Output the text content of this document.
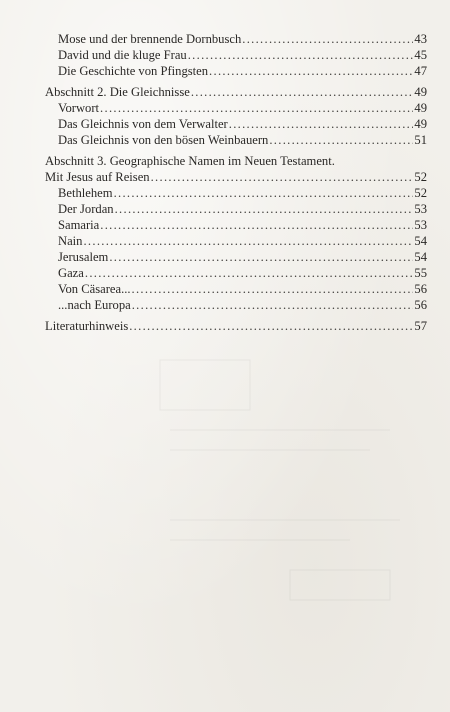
Mose und der brennende Dornbusch .....	43
David und die kluge Frau .....	45
Die Geschichte von Pfingsten .....	47
Abschnitt 2. Die Gleichnisse .....	49
Vorwort .....	49
Das Gleichnis von dem Verwalter .....	49
Das Gleichnis von den bösen Weinbauern .....	51
Abschnitt 3. Geographische Namen im Neuen Testament.
Mit Jesus auf Reisen .....	52
Bethlehem .....	52
Der Jordan .....	53
Samaria .....	53
Nain .....	54
Jerusalem .....	54
Gaza .....	55
Von Cäsarea... .....	56
...nach Europa .....	56
Literaturhinweis .....	57
